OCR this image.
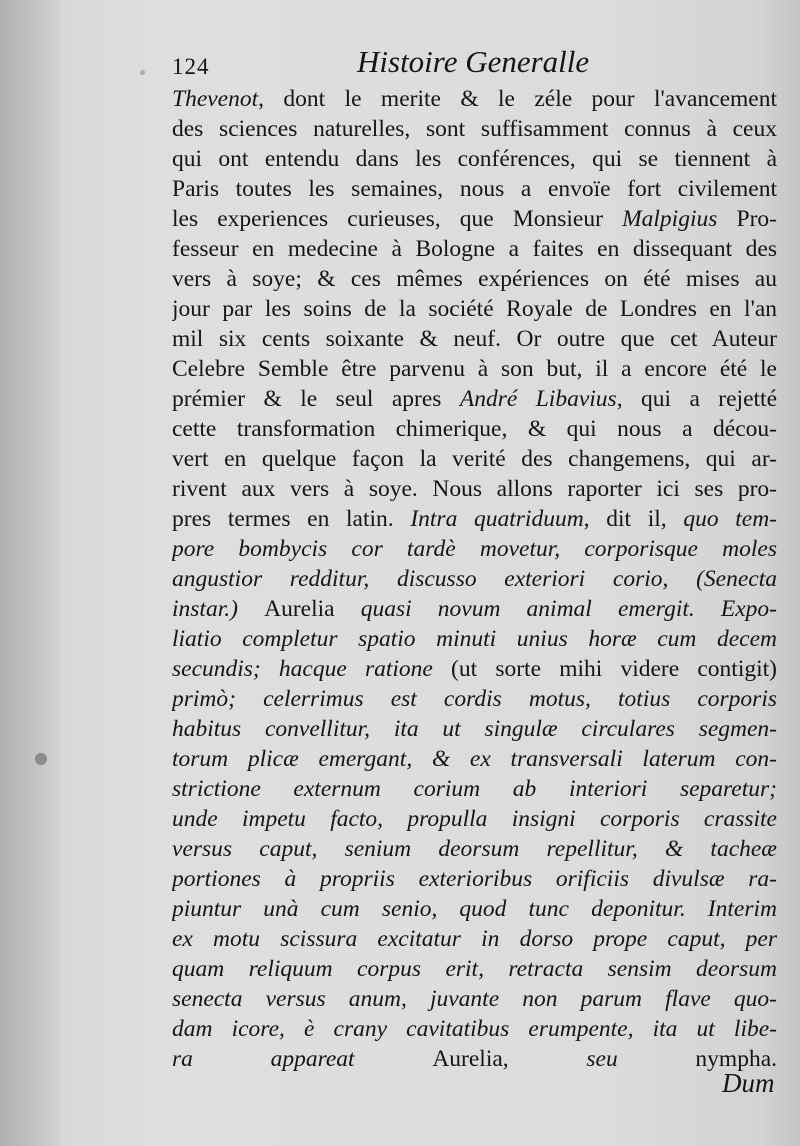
124	Histoire Generalle
Thevenot, dont le merite & le zéle pour l'avancement
des sciences naturelles, sont suffisamment connus à ceux
qui ont entendu dans les conférences, qui se tiennent à
Paris toutes les semaines, nous a envoïe fort civilement
les experiences curieuses, que Monsieur Malpigius Pro-
fesseur en medecine à Bologne a faites en dissequant des
vers à soye; & ces mêmes expériences on été mises au
jour par les soins de la société Royale de Londres en l'an
mil six cents soixante & neuf. Or outre que cet Auteur
Celebre Semble être parvenu à son but, il a encore été le
prémier & le seul apres André Libavius, qui a rejetté
cette transformation chimerique, & qui nous a décou-
vert en quelque façon la verité des changemens, qui ar-
rivent aux vers à soye. Nous allons raporter ici ses pro-
pres termes en latin. Intra quatriduum, dit il, quo tem-
pore bombycis cor tardè movetur, corporisque moles
angustior redditur, discusso exteriori corio, (Senecta
instar.) Aurelia quasi novum animal emergit. Expo-
liatio completur spatio minuti unius horæ cum decem
secundis; hacque ratione (ut sorte mihi videre contigit)
primò; celerrimus est cordis motus, totius corporis
habitus convellitur, ita ut singulæ circulares segmen-
torum plicæ emergant, & ex transversali laterum con-
strictione externum corium ab interiori separetur;
unde impetu facto, propulla insigni corporis crassite
versus caput, senium deorsum repellitur, & tacheæ
portiones à propriis exterioribus orificiis divulsæ ra-
piuntur unà cum senio, quod tunc deponitur. Interim
ex motu scissura excitatur in dorso prope caput, per
quam reliquum corpus erit, retracta sensim deorsum
senecta versus anum, juvante non parum flave quo-
dam icore, è crany cavitatibus erumpente, ita ut libe-
ra appareat Aurelia, seu nympha.
Dum
